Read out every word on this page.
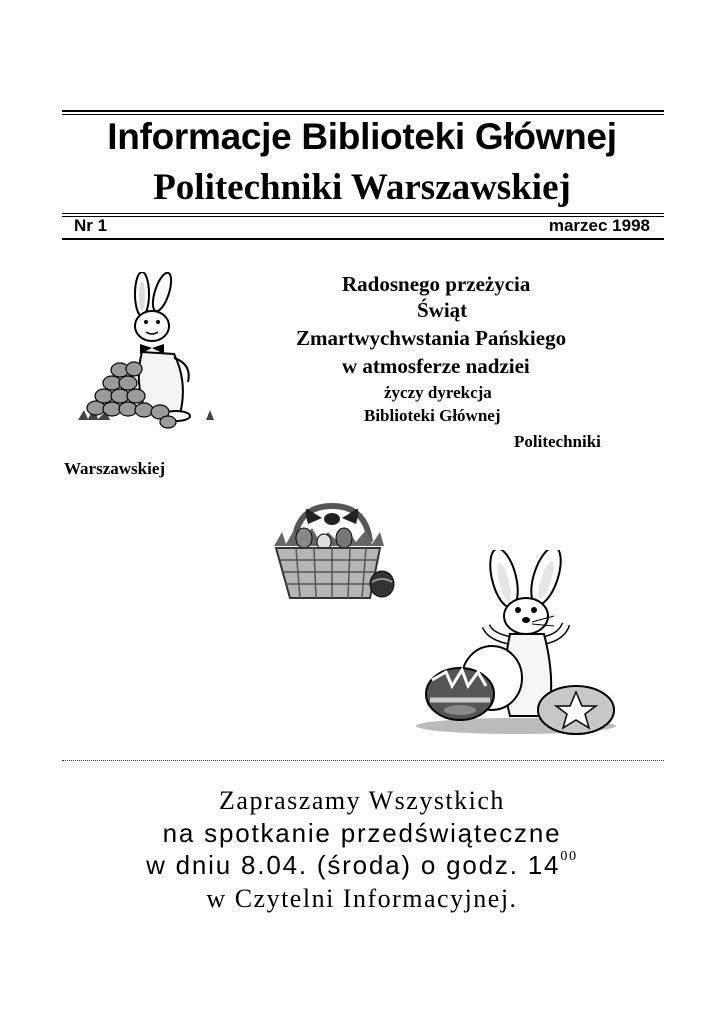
Informacje Biblioteki Głównej
Politechniki Warszawskiej
Nr 1	marzec 1998
Radosnego przeżycia
Świąt
Zmartwychwstania Pańskiego
w atmosferze nadziei
życzy dyrekcja
Biblioteki Głównej
Politechniki
Warszawskiej
Zapraszamy Wszystkich
na spotkanie przedświąteczne
w dniu 8.04. (środa) o godz. $14^{00}$
w Czytelni Informacyjnej.
